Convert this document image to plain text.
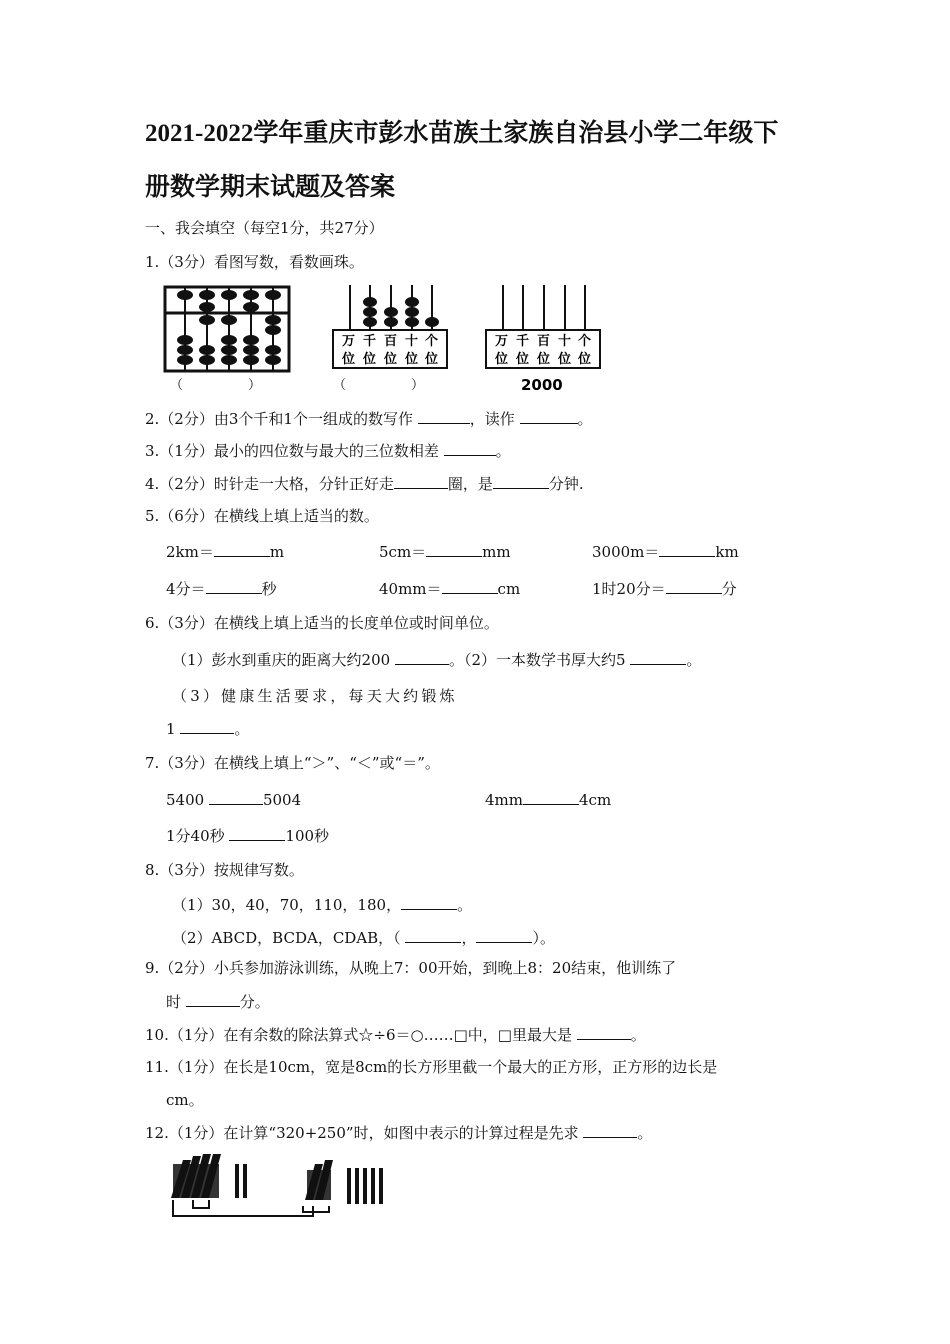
2021-2022学年重庆市彭水苗族土家族自治县小学二年级下
册数学期末试题及答案
一、我会填空（每空1分，共27分）
1.（3分）看图写数，看数画珠。
（　　　　　）
万 千 百 十 个
位 位 位 位 位
（　　　　　）
万 千 百 十 个
位 位 位 位 位
2000
2.（2分）由3个千和1个一组成的数写作	，读作	。
3.（1分）最小的四位数与最大的三位数相差	。
4.（2分）时针走一大格，分针正好走	圈，是	分钟.
5.（6分）在横线上填上适当的数。
2km＝	m	5cm＝	mm	3000m＝	km
4分＝	秒	40mm＝	cm	1时20分＝	分
6.（3分）在横线上填上适当的长度单位或时间单位。
（1）彭水到重庆的距离大约200	。（2）一本数学书厚大约5	。
（3）健康生活要求，每天大约锻炼
1	。
7.（3分）在横线上填上“＞”、“＜”或“＝”。
5400	5004	4mm	4cm
1分40秒	100秒
8.（3分）按规律写数。
（1）30，40，70，110，180，	。
（2）ABCD，BCDA，CDAB，（	，	）。
9.（2分）小兵参加游泳训练，从晚上7：00开始，到晚上8：20结束，他训练了
时	分。
10.（1分）在有余数的除法算式☆÷6＝○……□中，□里最大是	。
11.（1分）在长是10cm，宽是8cm的长方形里截一个最大的正方形，正方形的边长是
cm。
12.（1分）在计算“320+250”时，如图中表示的计算过程是先求	。
